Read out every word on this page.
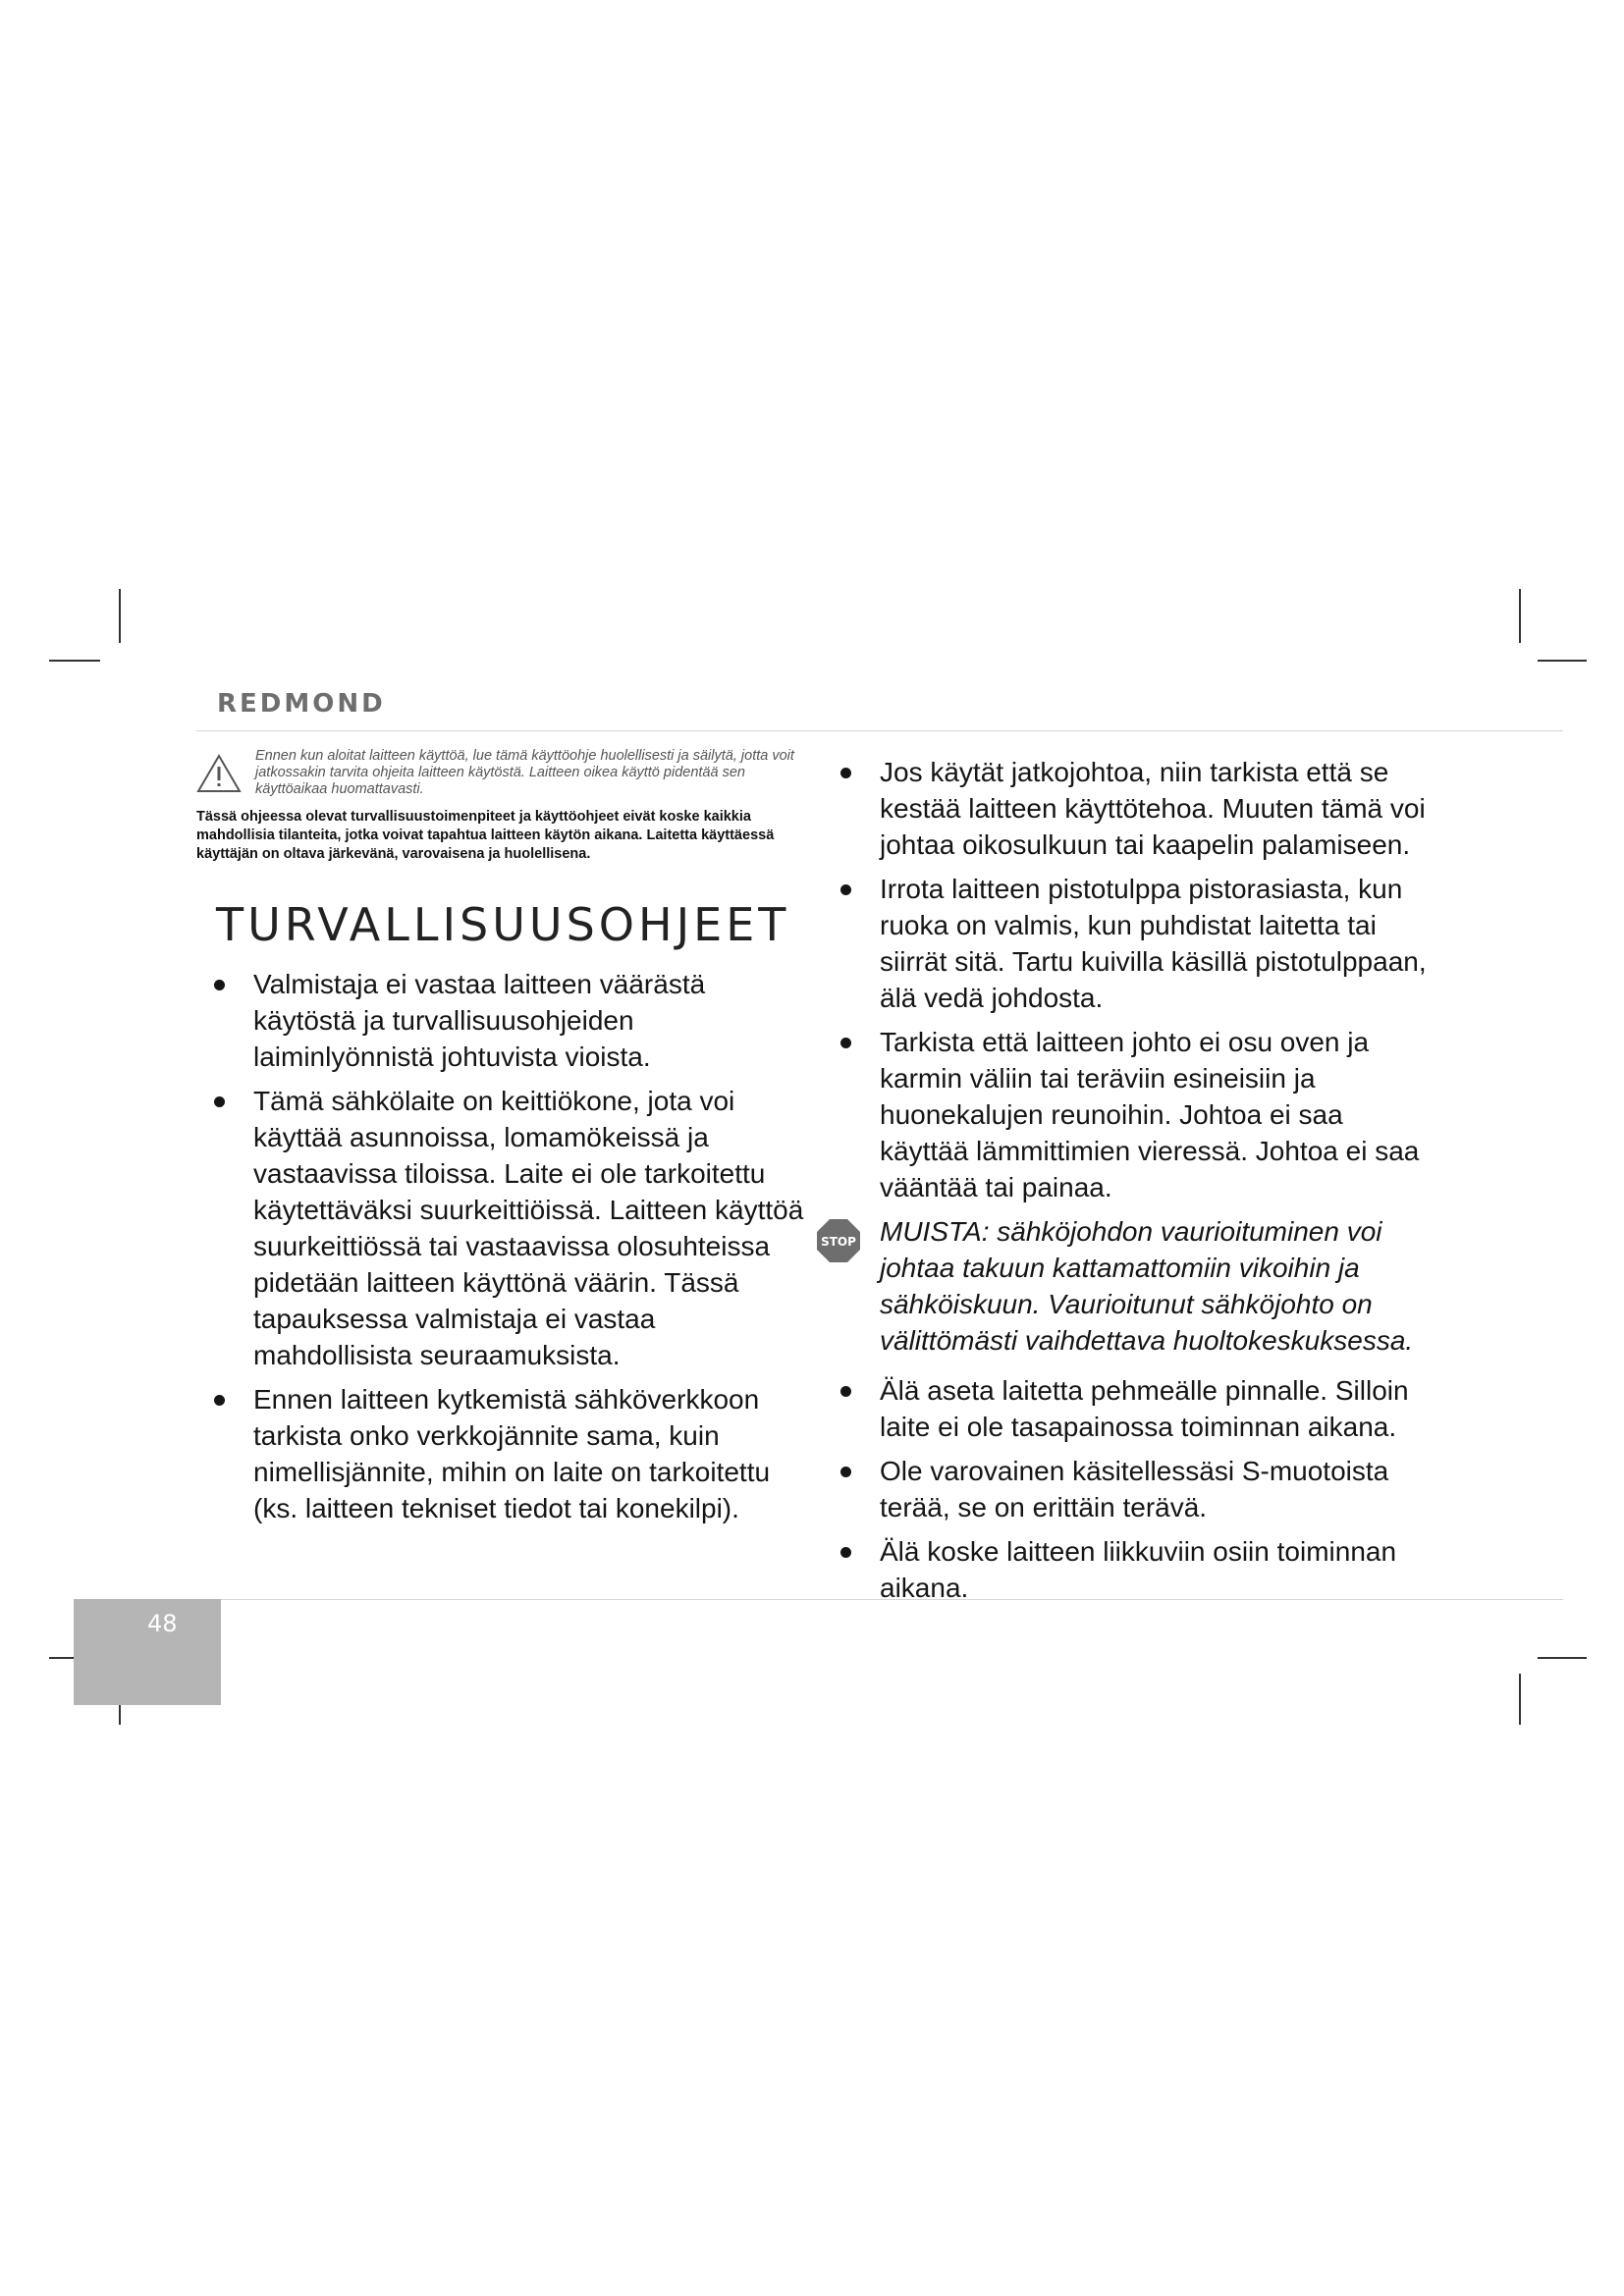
REDMOND

Ennen kun aloitat laitteen käyttöä, lue tämä käyttöohje huolellisesti ja säilytä, jotta voit jatkossakin tarvita ohjeita laitteen käytöstä. Laitteen oikea käyttö pidentää sen käyttöaikaa huomattavasti.

Tässä ohjeessa olevat turvallisuustoimenpiteet ja käyttöohjeet eivät koske kaikkia mahdollisia tilanteita, jotka voivat tapahtua laitteen käytön aikana. Laitetta käyttäessä käyttäjän on oltava järkevänä, varovaisena ja huolellisena.

TURVALLISUUSOHJEET
Valmistaja ei vastaa laitteen väärästä käytöstä ja turvallisuusohjeiden laiminlyönnistä johtuvista vioista.
Tämä sähkölaite on keittiökone, jota voi käyttää asunnoissa, lomamökeissä ja vastaavissa tiloissa. Laite ei ole tarkoitettu käytettäväksi suurkeittiöissä. Laitteen käyttöä suurkeittiössä tai vastaavissa olosuhteissa pidetään laitteen käyttönä väärin. Tässä tapauksessa valmistaja ei vastaa mahdollisista seuraamuksista.
Ennen laitteen kytkemistä sähköverkkoon tarkista onko verkkojännite sama, kuin nimellisjännite, mihin on laite on tarkoitettu (ks. laitteen tekniset tiedot tai konekilpi).
Jos käytät jatkojohtoa, niin tarkista että se kestää laitteen käyttötehoa. Muuten tämä voi johtaa oikosulkuun tai kaapelin palamiseen.
Irrota laitteen pistotulppa pistorasiasta, kun ruoka on valmis, kun puhdistat laitetta tai siirrät sitä. Tartu kuivilla käsillä pistotulppaan, älä vedä johdosta.
Tarkista että laitteen johto ei osu oven ja karmin väliin tai teräviin esineisiin ja huonekalujen reunoihin. Johtoa ei saa käyttää lämmittimien vieressä. Johtoa ei saa vääntää tai painaa.
STOP MUISTA: sähköjohdon vaurioituminen voi johtaa takuun kattamattomiin vikoihin ja sähköiskuun. Vaurioitunut sähköjohto on välittömästi vaihdettava huoltokeskuksessa.

Älä aseta laitetta pehmeälle pinnalle. Silloin laite ei ole tasapainossa toiminnan aikana.
Ole varovainen käsitellessäsi S-muotoista terää, se on erittäin terävä.
Älä koske laitteen liikkuviin osiin toiminnan aikana.
48
